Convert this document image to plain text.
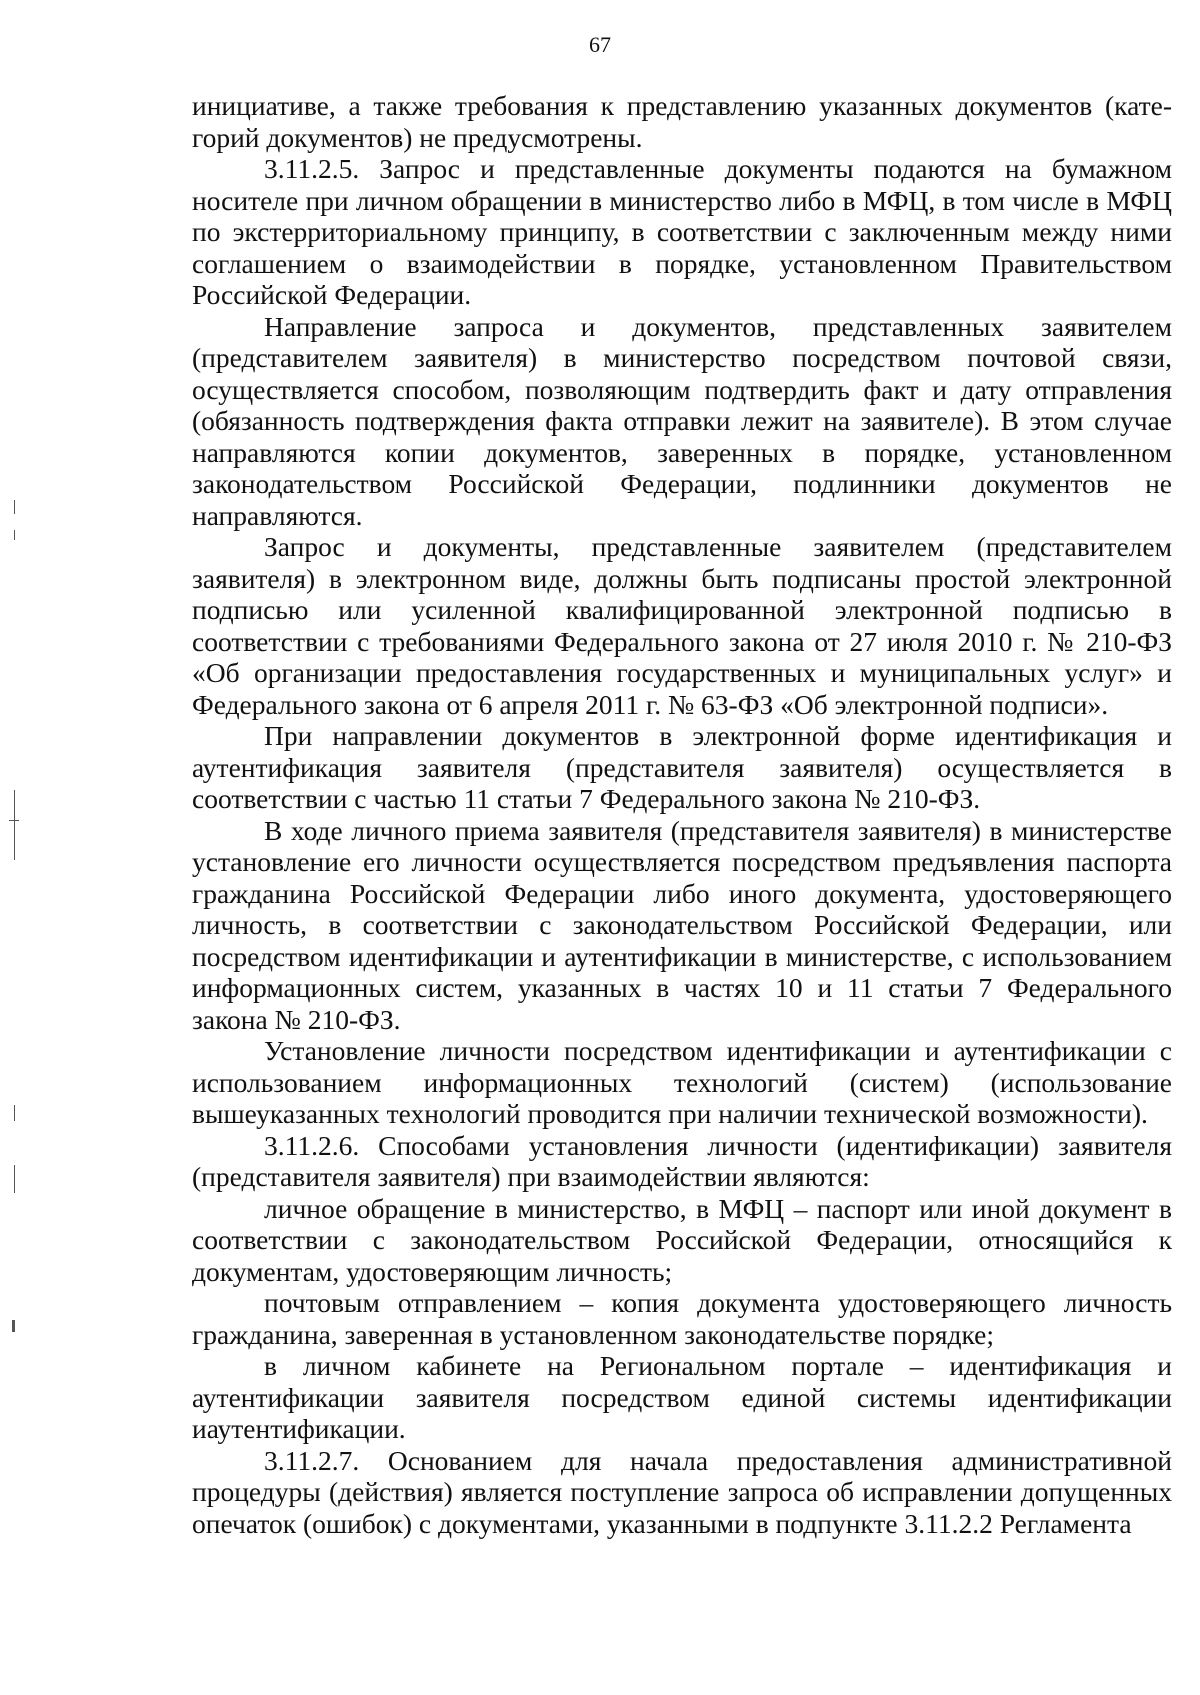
67

инициативе, а также требования к представлению указанных документов (кате-горий документов) не предусмотрены.

3.11.2.5. Запрос и представленные документы подаются на бумажном носителе при личном обращении в министерство либо в МФЦ, в том числе в МФЦ по экстерриториальному принципу, в соответствии с заключенным между ними соглашением о взаимодействии в порядке, установленном Правительством Российской Федерации.

Направление запроса и документов, представленных заявителем (представителем заявителя) в министерство посредством почтовой связи, осуществляется способом, позволяющим подтвердить факт и дату отправления (обязанность подтверждения факта отправки лежит на заявителе). В этом случае направляются копии документов, заверенных в порядке, установленном законодательством Российской Федерации, подлинники документов не направляются.

Запрос и документы, представленные заявителем (представителем заявителя) в электронном виде, должны быть подписаны простой электронной подписью или усиленной квалифицированной электронной подписью в соответствии с требованиями Федерального закона от 27 июля 2010 г. № 210-ФЗ «Об организации предоставления государственных и муниципальных услуг» и Федерального закона от 6 апреля 2011 г. № 63-ФЗ «Об электронной подписи».

При направлении документов в электронной форме идентификация и аутентификация заявителя (представителя заявителя) осуществляется в соответствии с частью 11 статьи 7 Федерального закона № 210-ФЗ.

В ходе личного приема заявителя (представителя заявителя) в министерстве установление его личности осуществляется посредством предъявления паспорта гражданина Российской Федерации либо иного документа, удостоверяющего личность, в соответствии с законодательством Российской Федерации, или посредством идентификации и аутентификации в министерстве, с использованием информационных систем, указанных в частях 10 и 11 статьи 7 Федерального закона № 210-ФЗ.

Установление личности посредством идентификации и аутентификации с использованием информационных технологий (систем) (использование вышеуказанных технологий проводится при наличии технической возможности).

3.11.2.6. Способами установления личности (идентификации) заявителя (представителя заявителя) при взаимодействии являются:

личное обращение в министерство, в МФЦ – паспорт или иной документ в соответствии с законодательством Российской Федерации, относящийся к документам, удостоверяющим личность;

почтовым отправлением – копия документа удостоверяющего личность гражданина, заверенная в установленном законодательстве порядке;

в личном кабинете на Региональном портале – идентификация и аутентификации заявителя посредством единой системы идентификации иаутентификации.

3.11.2.7. Основанием для начала предоставления административной процедуры (действия) является поступление запроса об исправлении допущенных опечаток (ошибок) с документами, указанными в подпункте 3.11.2.2 Регламента
